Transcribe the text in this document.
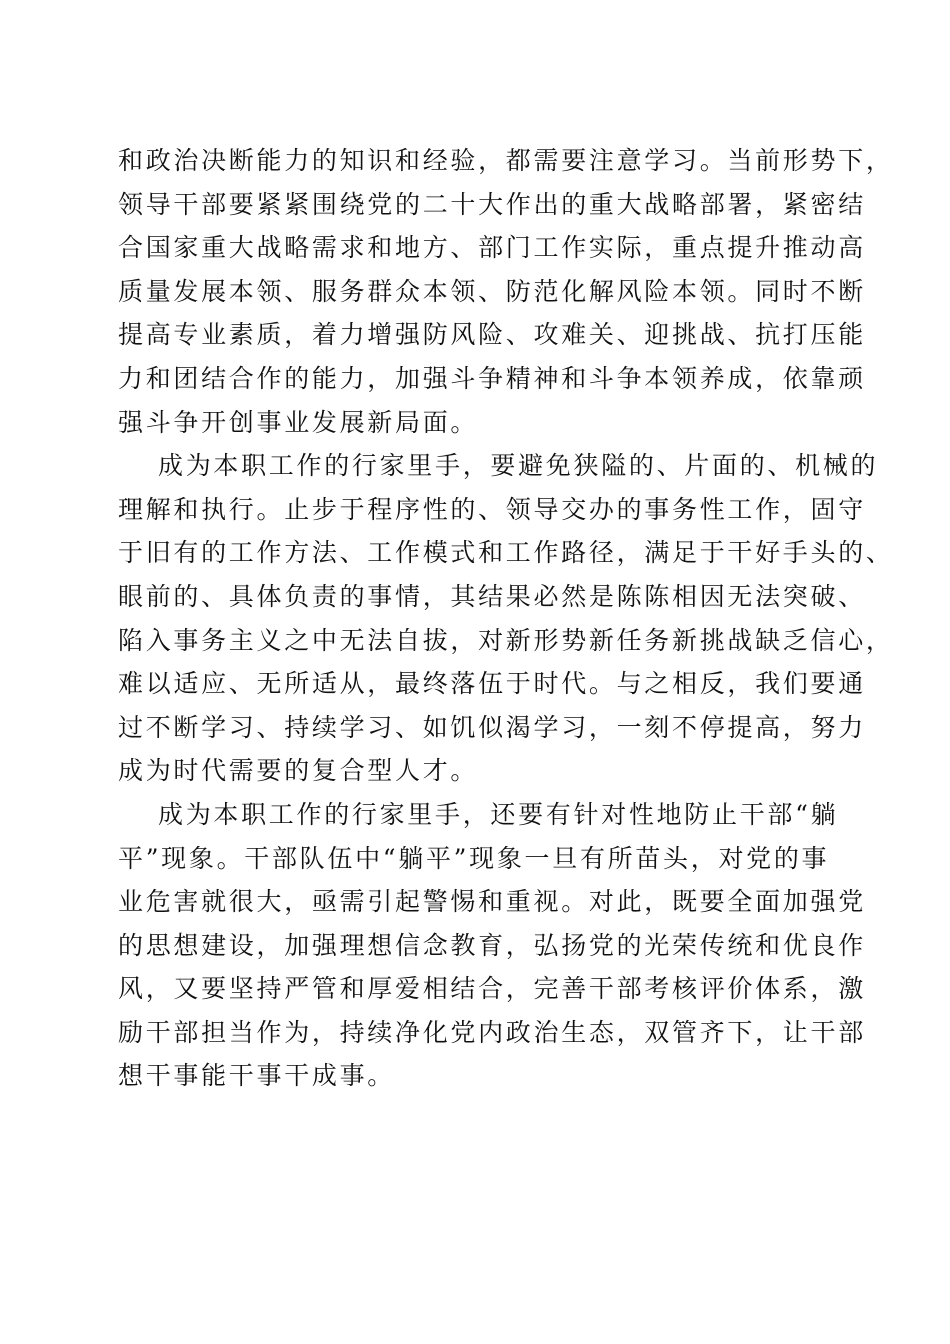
和政治决断能力的知识和经验，都需要注意学习。当前形势下，
领导干部要紧紧围绕党的二十大作出的重大战略部署，紧密结
合国家重大战略需求和地方、部门工作实际，重点提升推动高
质量发展本领、服务群众本领、防范化解风险本领。同时不断
提高专业素质，着力增强防风险、攻难关、迎挑战、抗打压能
力和团结合作的能力，加强斗争精神和斗争本领养成，依靠顽
强斗争开创事业发展新局面。
成为本职工作的行家里手，要避免狭隘的、片面的、机械的
理解和执行。止步于程序性的、领导交办的事务性工作，固守
于旧有的工作方法、工作模式和工作路径，满足于干好手头的、
眼前的、具体负责的事情，其结果必然是陈陈相因无法突破、
陷入事务主义之中无法自拔，对新形势新任务新挑战缺乏信心，
难以适应、无所适从，最终落伍于时代。与之相反，我们要通
过不断学习、持续学习、如饥似渴学习，一刻不停提高，努力
成为时代需要的复合型人才。
成为本职工作的行家里手，还要有针对性地防止干部“躺
平”现象。干部队伍中“躺平”现象一旦有所苗头，对党的事
业危害就很大，亟需引起警惕和重视。对此，既要全面加强党
的思想建设，加强理想信念教育，弘扬党的光荣传统和优良作
风，又要坚持严管和厚爱相结合，完善干部考核评价体系，激
励干部担当作为，持续净化党内政治生态，双管齐下，让干部
想干事能干事干成事。
